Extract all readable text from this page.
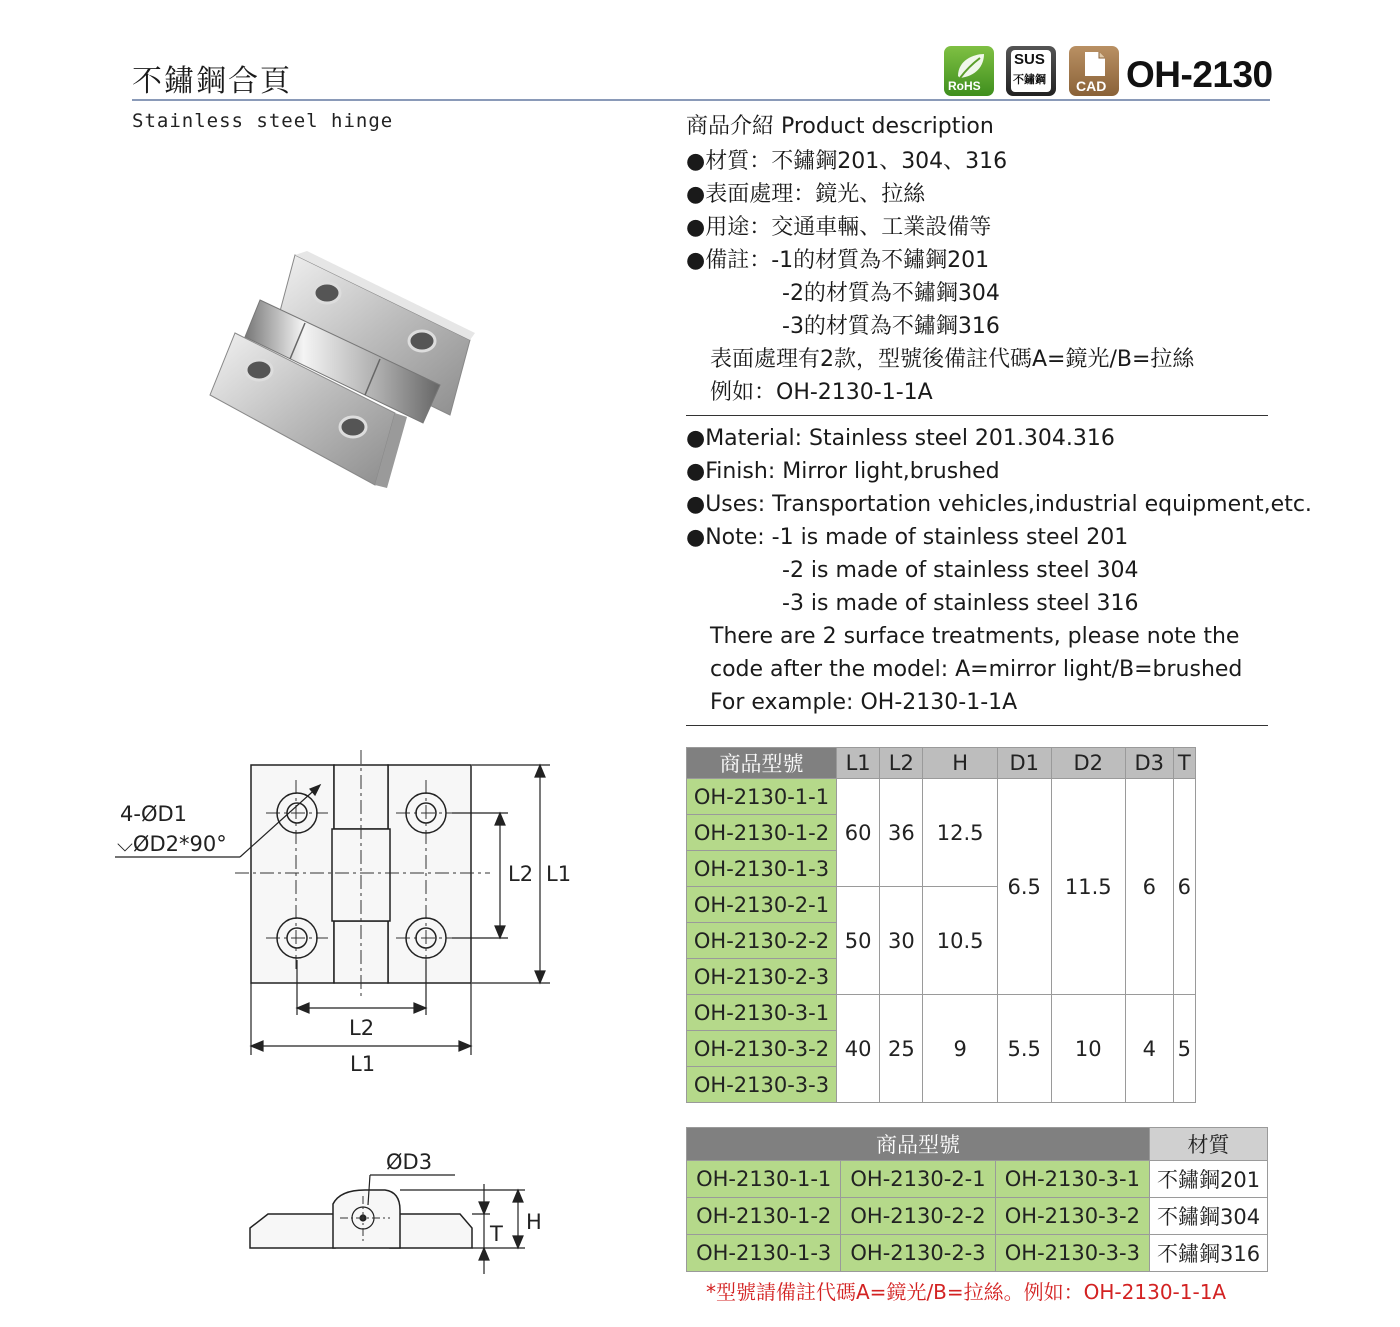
不鏽鋼合頁
Stainless steel hinge
RoHS
SUS
不鏽鋼 CAD OH-2130
4-ØD1
⌵ØD2*90°
L2 L1
L2
L1
ØD3
T H
商品介紹 Product description
●材質：不鏽鋼201、304、316
●表面處理：鏡光、拉絲
●用途：交通車輛、工業設備等
●備註：-1的材質為不鏽鋼201
-2的材質為不鏽鋼304
-3的材質為不鏽鋼316
表面處理有2款，型號後備註代碼A=鏡光/B=拉絲
例如：OH-2130-1-1A
●Material: Stainless steel 201.304.316
●Finish: Mirror light,brushed
●Uses: Transportation vehicles,industrial equipment,etc.
●Note: -1 is made of stainless steel 201
-2 is made of stainless steel 304
-3 is made of stainless steel 316
There are 2 surface treatments, please note the
code after the model: A=mirror light/B=brushed
For example: OH-2130-1-1A
商品型號	L1	L2	H	D1	D2	D3	T
OH-2130-1-1	60	36	12.5	6.5	11.5	6	6
OH-2130-1-2							
OH-2130-1-3							
OH-2130-2-1	50	30	10.5				
OH-2130-2-2							
OH-2130-2-3							
OH-2130-3-1	40	25	9	5.5	10	4	5
OH-2130-3-2							
OH-2130-3-3							
商品型號			材質
OH-2130-1-1	OH-2130-2-1	OH-2130-3-1	不鏽鋼201
OH-2130-1-2	OH-2130-2-2	OH-2130-3-2	不鏽鋼304
OH-2130-1-3	OH-2130-2-3	OH-2130-3-3	不鏽鋼316
*型號請備註代碼A=鏡光/B=拉絲。例如：OH-2130-1-1A
